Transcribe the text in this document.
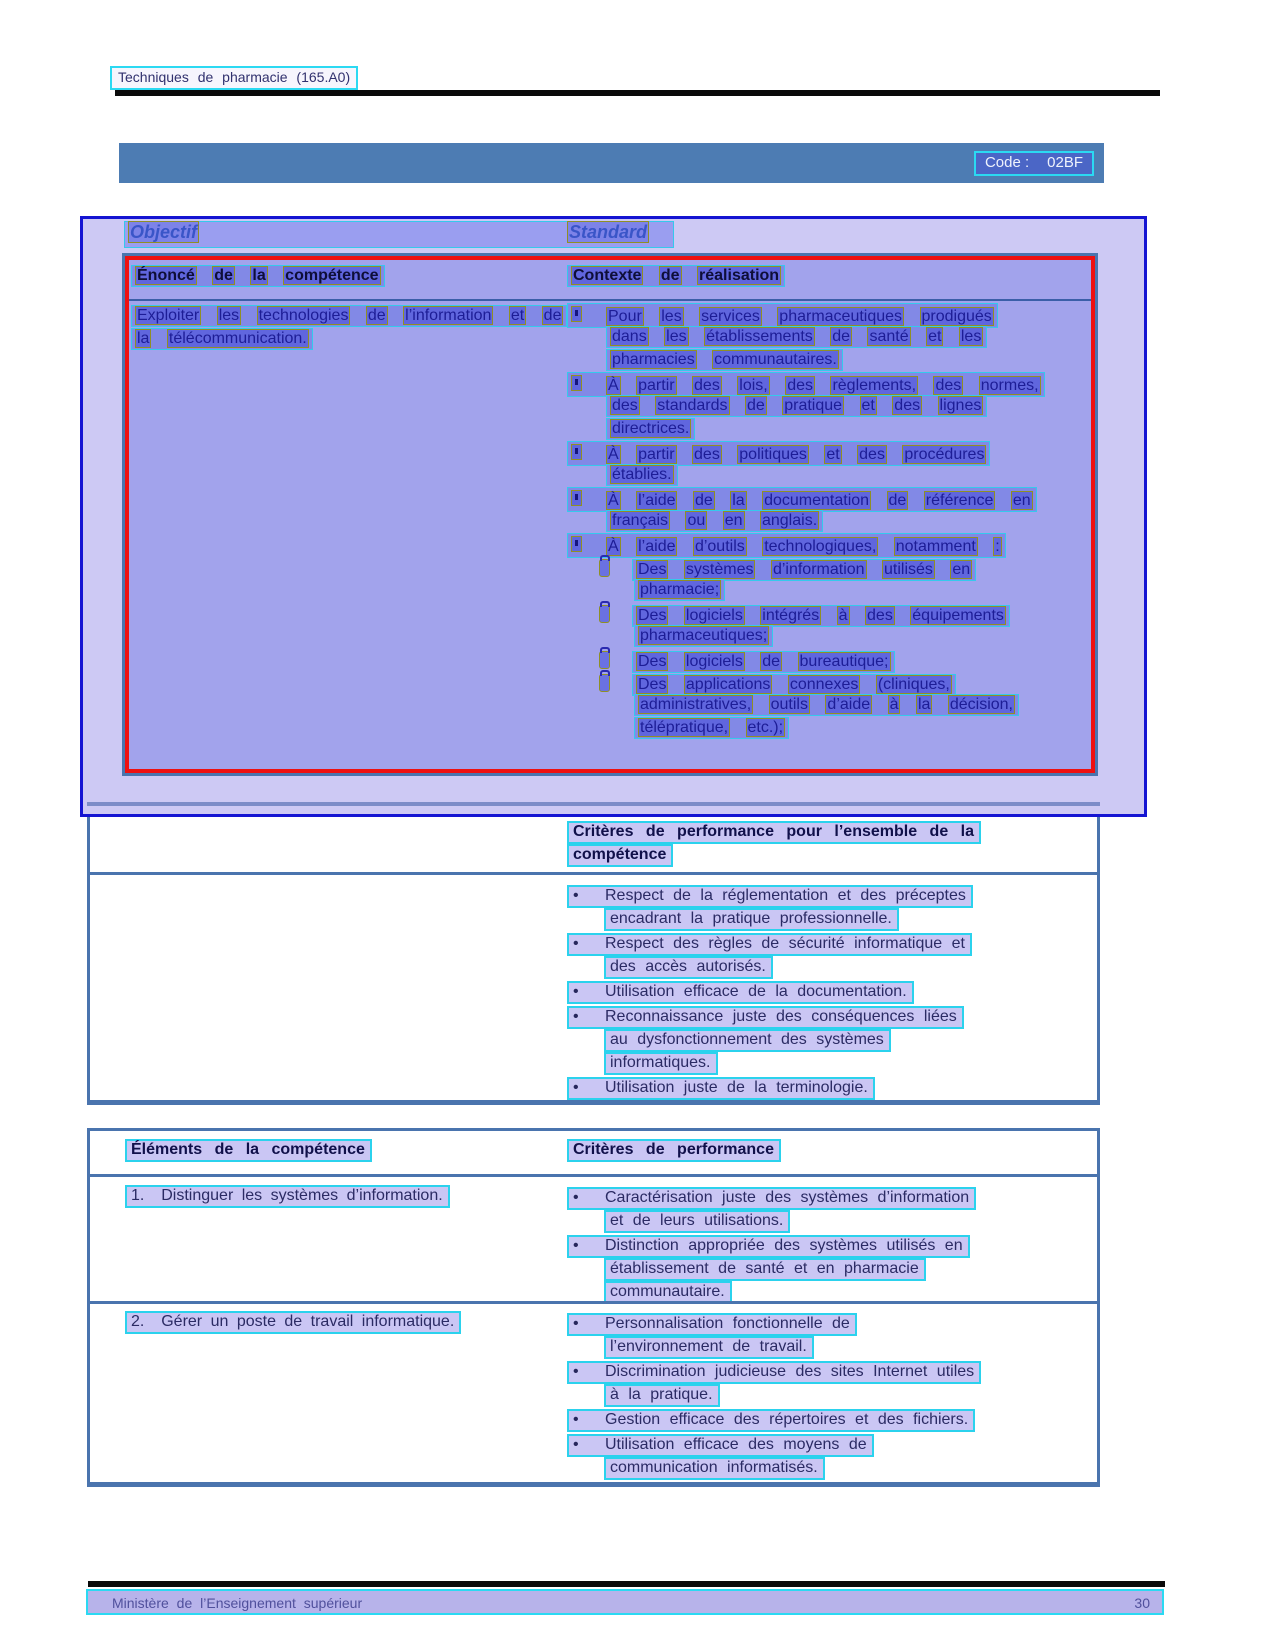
Techniques de pharmacie (165.A0)
Code : 02BF
Objectif	Standard
Énoncé de la compétence	Contexte de réalisation
Exploiter les technologies de l’information et de
la télécommunication.
Pour les services pharmaceutiques prodigués
dans les établissements de santé et les
pharmacies communautaires.
À partir des lois, des règlements, des normes,
des standards de pratique et des lignes
directrices.
À partir des politiques et des procédures
établies.
À l’aide de la documentation de référence en
français ou en anglais.
À l’aide d’outils technologiques, notamment :
Des systèmes d’information utilisés en
pharmacie;
Des logiciels intégrés à des équipements
pharmaceutiques;
Des logiciels de bureautique;
Des applications connexes (cliniques,
administratives, outils d’aide à la décision,
télépratique, etc.);
Critères de performance pour l’ensemble de la
compétence
• Respect de la réglementation et des préceptes
encadrant la pratique professionnelle.
• Respect des règles de sécurité informatique et
des accès autorisés.
• Utilisation efficace de la documentation.
• Reconnaissance juste des conséquences liées
au dysfonctionnement des systèmes
informatiques.
• Utilisation juste de la terminologie.
Éléments de la compétence	Critères de performance
1.  Distinguer les systèmes d’information.	• Caractérisation juste des systèmes d’information
et de leurs utilisations.
• Distinction appropriée des systèmes utilisés en
établissement de santé et en pharmacie
communautaire.
2.  Gérer un poste de travail informatique.	• Personnalisation fonctionnelle de
l’environnement de travail.
• Discrimination judicieuse des sites Internet utiles
à la pratique.
• Gestion efficace des répertoires et des fichiers.
• Utilisation efficace des moyens de
communication informatisés.
Ministère de l’Enseignement supérieur	30
